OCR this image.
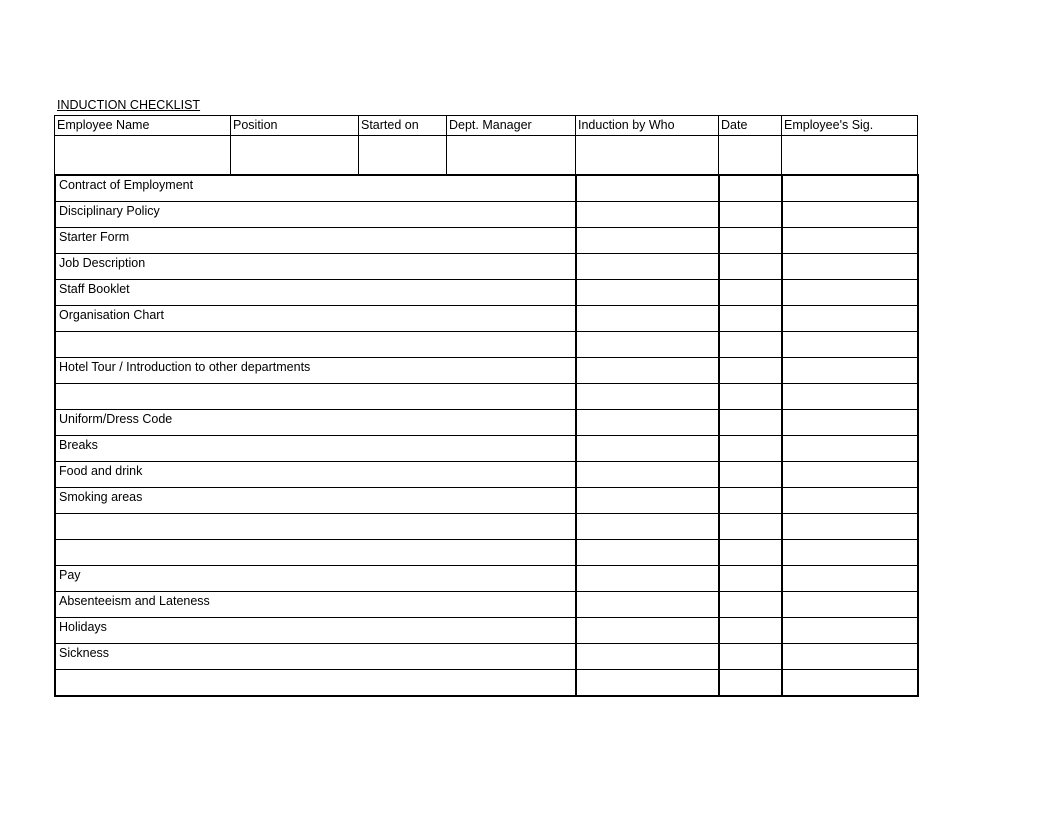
INDUCTION CHECKLIST
Employee Name	Position	Started on	Dept. Manager	Induction by Who	Date	Employee's Sig.

Contract of Employment			
Disciplinary Policy			
Starter Form			
Job Description			
Staff Booklet			
Organisation Chart			

Hotel Tour / Introduction to other departments			

Uniform/Dress Code			
Breaks			
Food and drink			
Smoking areas			

Pay			
Absenteeism and Lateness			
Holidays			
Sickness			
